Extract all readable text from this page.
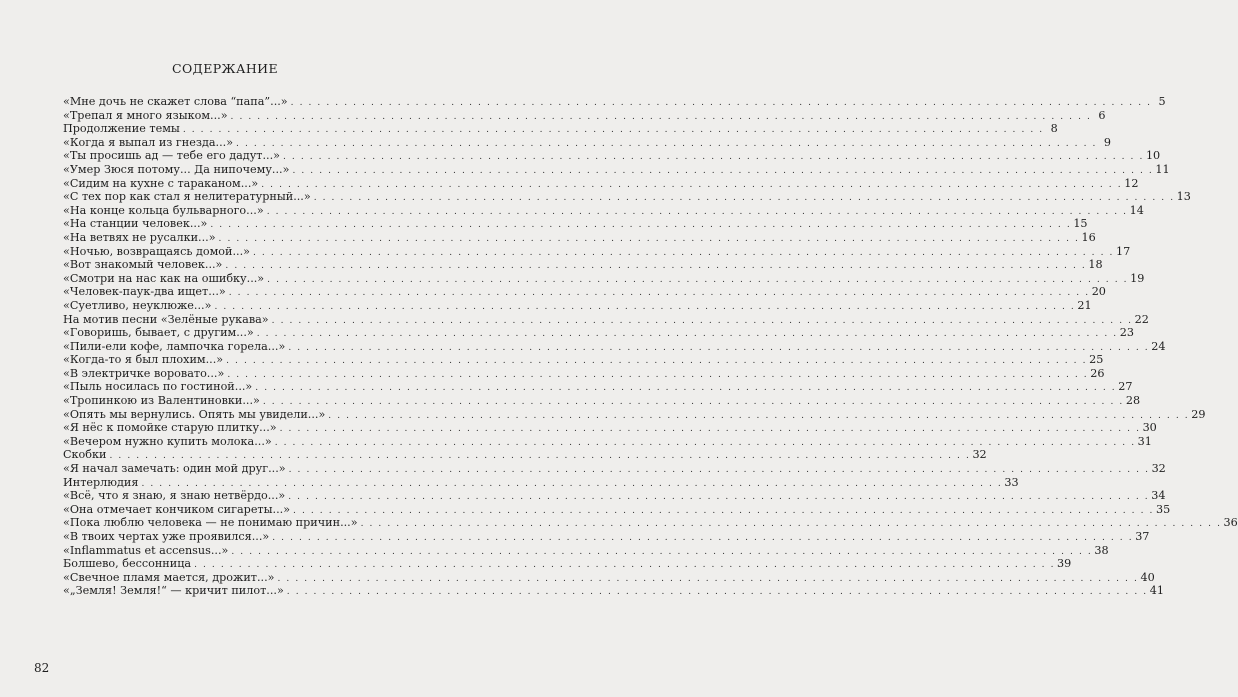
СОДЕРЖАНИЕ
«Мне дочь не скажет слова “папа”...» . . .	5
«Трепал я много языком...» . . .	6
Продолжение темы . . .	8
«Когда я выпал из гнезда...» . . .	9
«Ты просишь ад — тебе его дадут...» . . .	10
«Умер Зюся потому... Да нипочему...» . . .	11
«Сидим на кухне с тараканом...» . . .	12
«С тех пор как стал я нелитературный...» . . .	13
«На конце кольца бульварного...» . . .	14
«На станции человек...» . . .	15
«На ветвях не русалки...» . . .	16
«Ночью, возвращаясь домой...» . . .	17
«Вот знакомый человек...» . . .	18
«Смотри на нас как на ошибку...» . . .	19
«Человек-паук-два ищет...» . . .	20
«Суетливо, неуклюже...» . . .	21
На мотив песни «Зелёные рукава» . . .	22
«Говоришь, бывает, с другим...» . . .	23
«Пили-ели кофе, лампочка горела...» . . .	24
«Когда-то я был плохим...» . . .	25
«В электричке воровато...» . . .	26
«Пыль носилась по гостиной...» . . .	27
«Тропинкою из Валентиновки...» . . .	28
«Опять мы вернулись. Опять мы увидели...» . . .	29
«Я нёс к помойке старую плитку...» . . .	30
«Вечером нужно купить молока...» . . .	31
Скобки . . .	32
«Я начал замечать: один мой друг...» . . .	32
Интерлюдия . . .	33
«Всё, что я знаю, я знаю нетвёрдо...» . . .	34
«Она отмечает кончиком сигареты...» . . .	35
«Пока люблю человека — не понимаю причин...» . . .	36
«В твоих чертах уже проявился...» . . .	37
«Inflammatus et accensus...» . . .	38
Болшево, бессонница . . .	39
«Свечное пламя мается, дрожит...» . . .	40
«„Земля! Земля!“ — кричит пилот...» . . .	41
82
